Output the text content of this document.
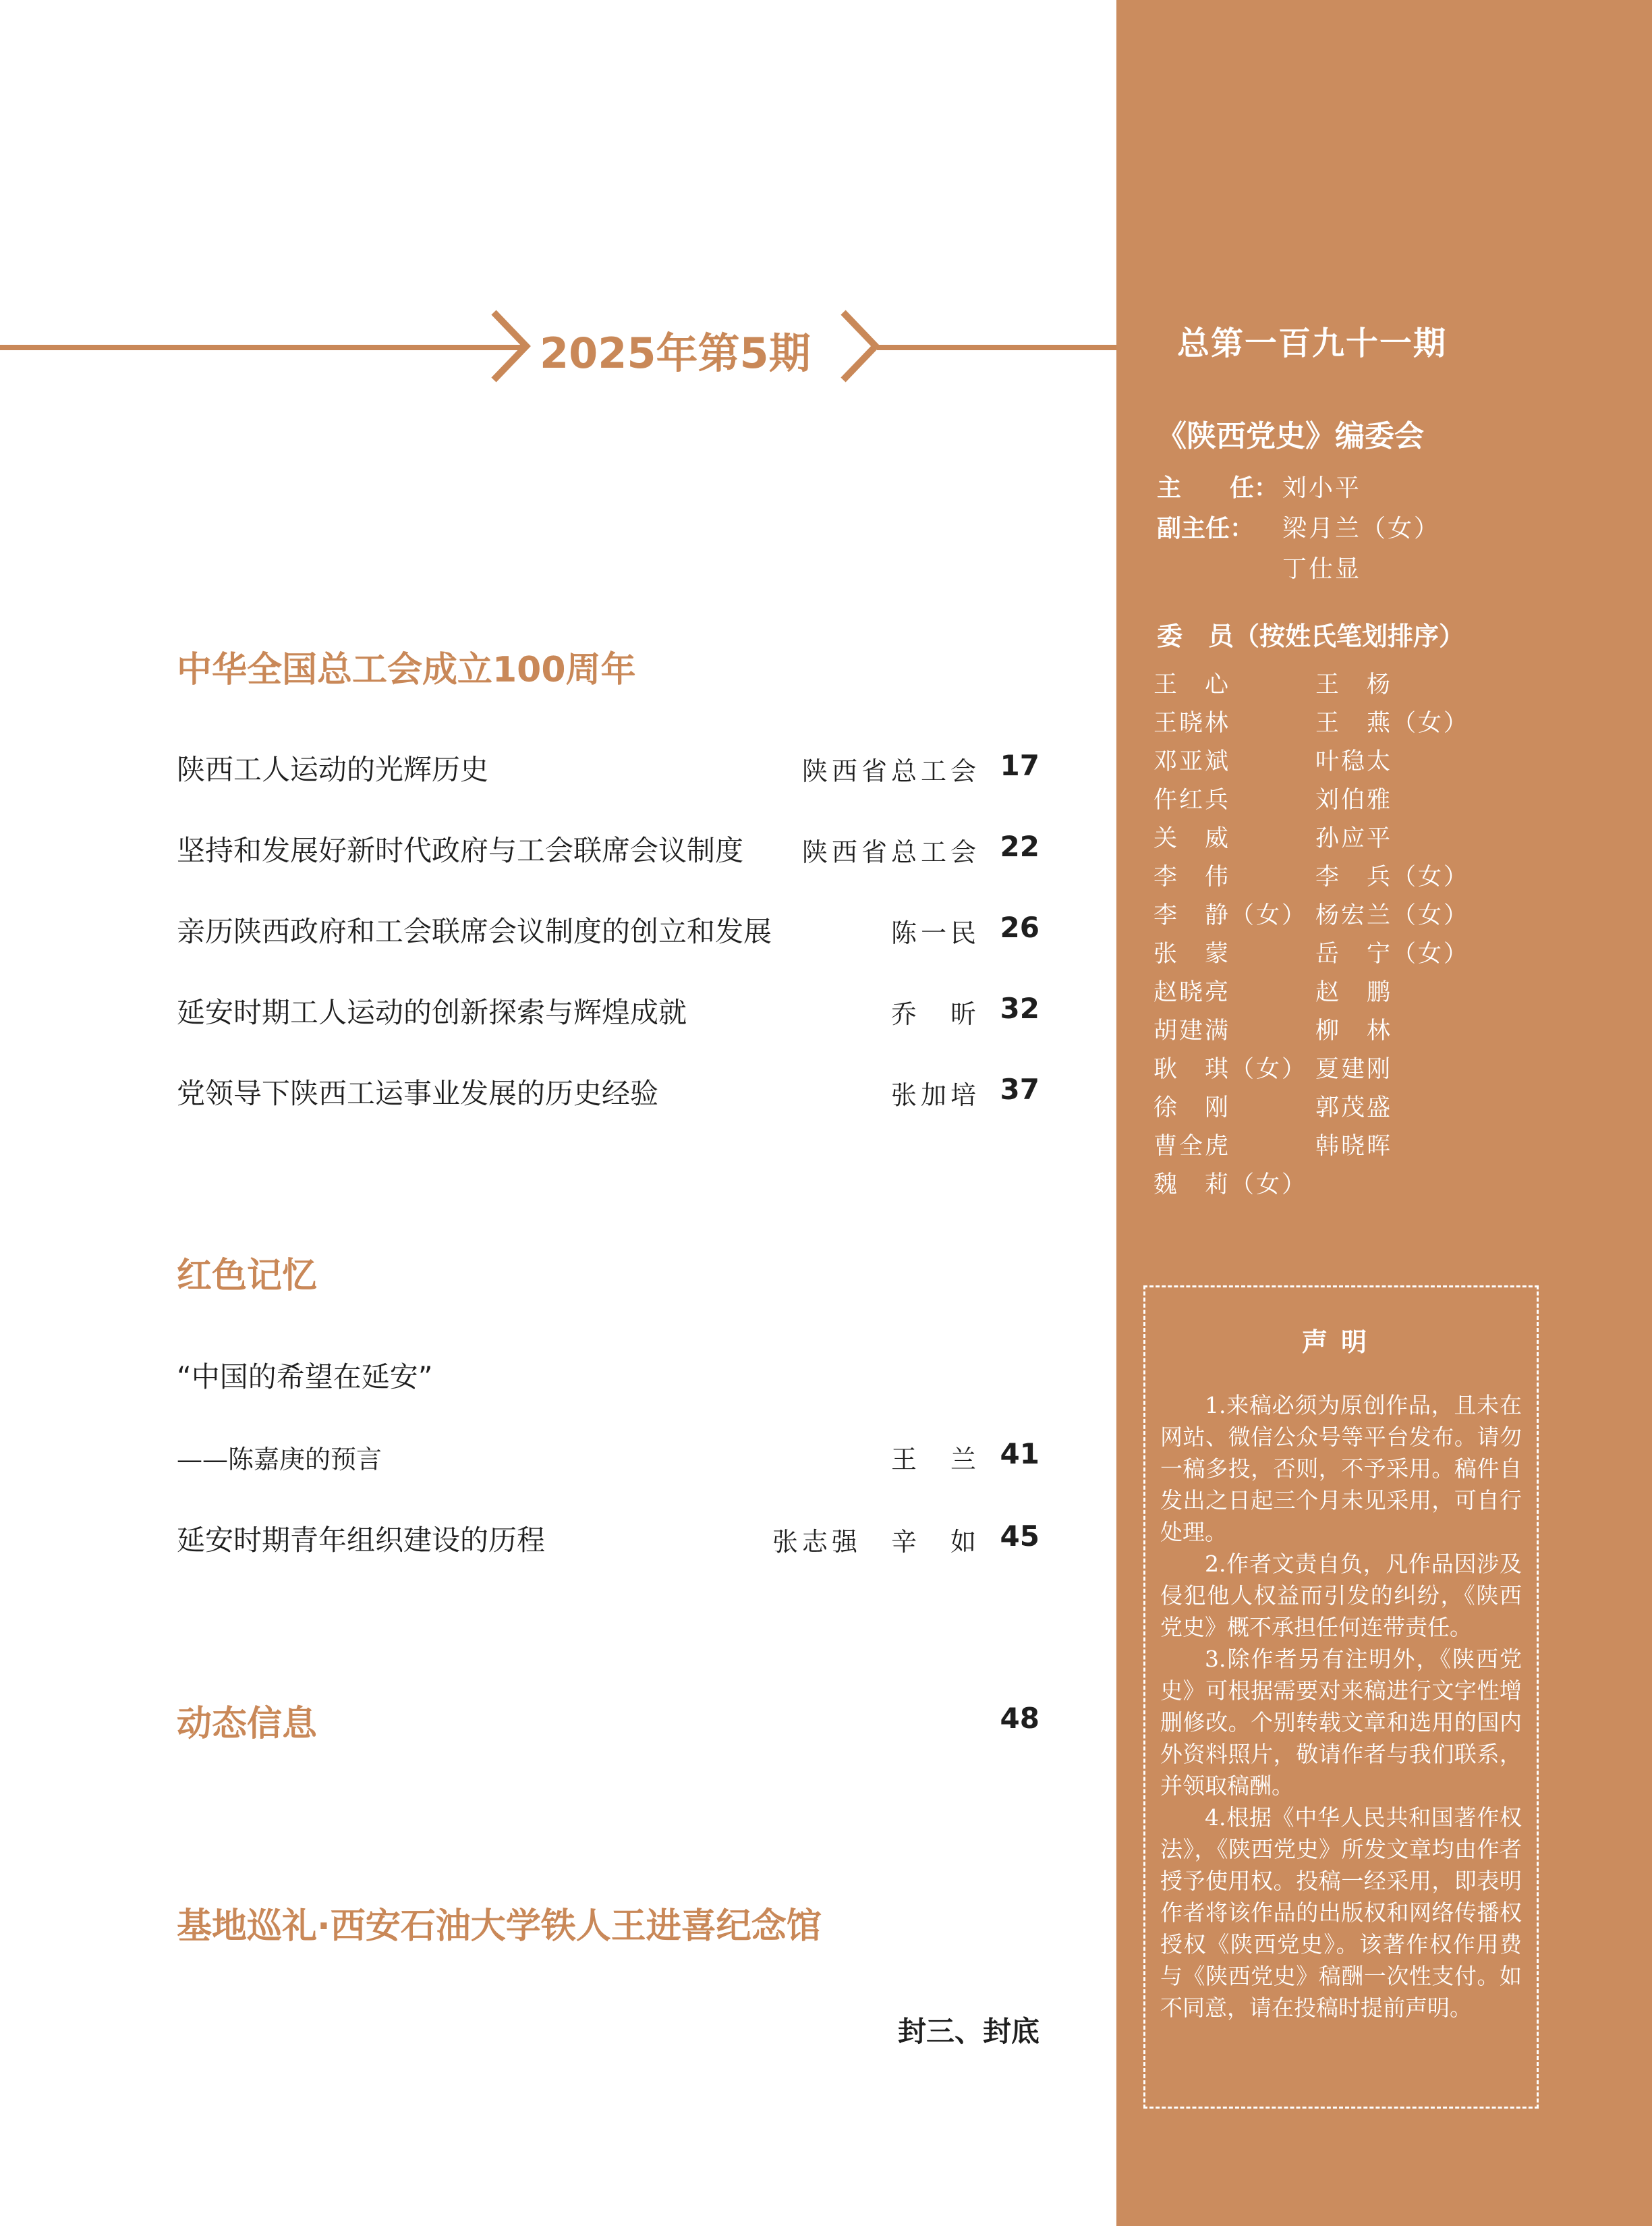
2025年第5期
中华全国总工会成立100周年
陕西工人运动的光辉历史	陕西省总工会 17
坚持和发展好新时代政府与工会联席会议制度 陕西省总工会 22
亲历陕西政府和工会联席会议制度的创立和发展	陈一民 26
延安时期工人运动的创新探索与辉煌成就	乔　昕 32
党领导下陕西工运事业发展的历史经验	张加培 37
红色记忆
“中国的希望在延安”
——陈嘉庚的预言	王　兰 41
延安时期青年组织建设的历程	张志强　辛　如 45
动态信息	48
基地巡礼·西安石油大学铁人王进喜纪念馆
封三、封底
总第一百九十一期
《陕西党史》编委会
主　　任： 刘小平
副主任： 梁月兰（女）
丁仕显
委　员（按姓氏笔划排序）
王　心	王　杨
王晓林	王　燕（女）
邓亚斌	叶稳太
仵红兵	刘伯雅
关　威	孙应平
李　伟	李　兵（女）
李　静（女） 杨宏兰（女）
张　蒙	岳　宁（女）
赵晓亮	赵　鹏
胡建满	柳　林
耿　琪（女） 夏建刚
徐　刚	郭茂盛
曹全虎	韩晓晖
魏　莉（女）
声明

1.来稿必须为原创作品，且未在网站、微信公众号等平台发布。请勿一稿多投，否则，不予采用。稿件自发出之日起三个月未见采用，可自行处理。

2.作者文责自负，凡作品因涉及侵犯他人权益而引发的纠纷，《陕西党史》概不承担任何连带责任。

3.除作者另有注明外，《陕西党史》可根据需要对来稿进行文字性增删修改。个别转载文章和选用的国内外资料照片，敬请作者与我们联系，并领取稿酬。

4.根据《中华人民共和国著作权法》，《陕西党史》所发文章均由作者授予使用权。投稿一经采用，即表明作者将该作品的出版权和网络传播权授权《陕西党史》。该著作权作用费与《陕西党史》稿酬一次性支付。如不同意，请在投稿时提前声明。
